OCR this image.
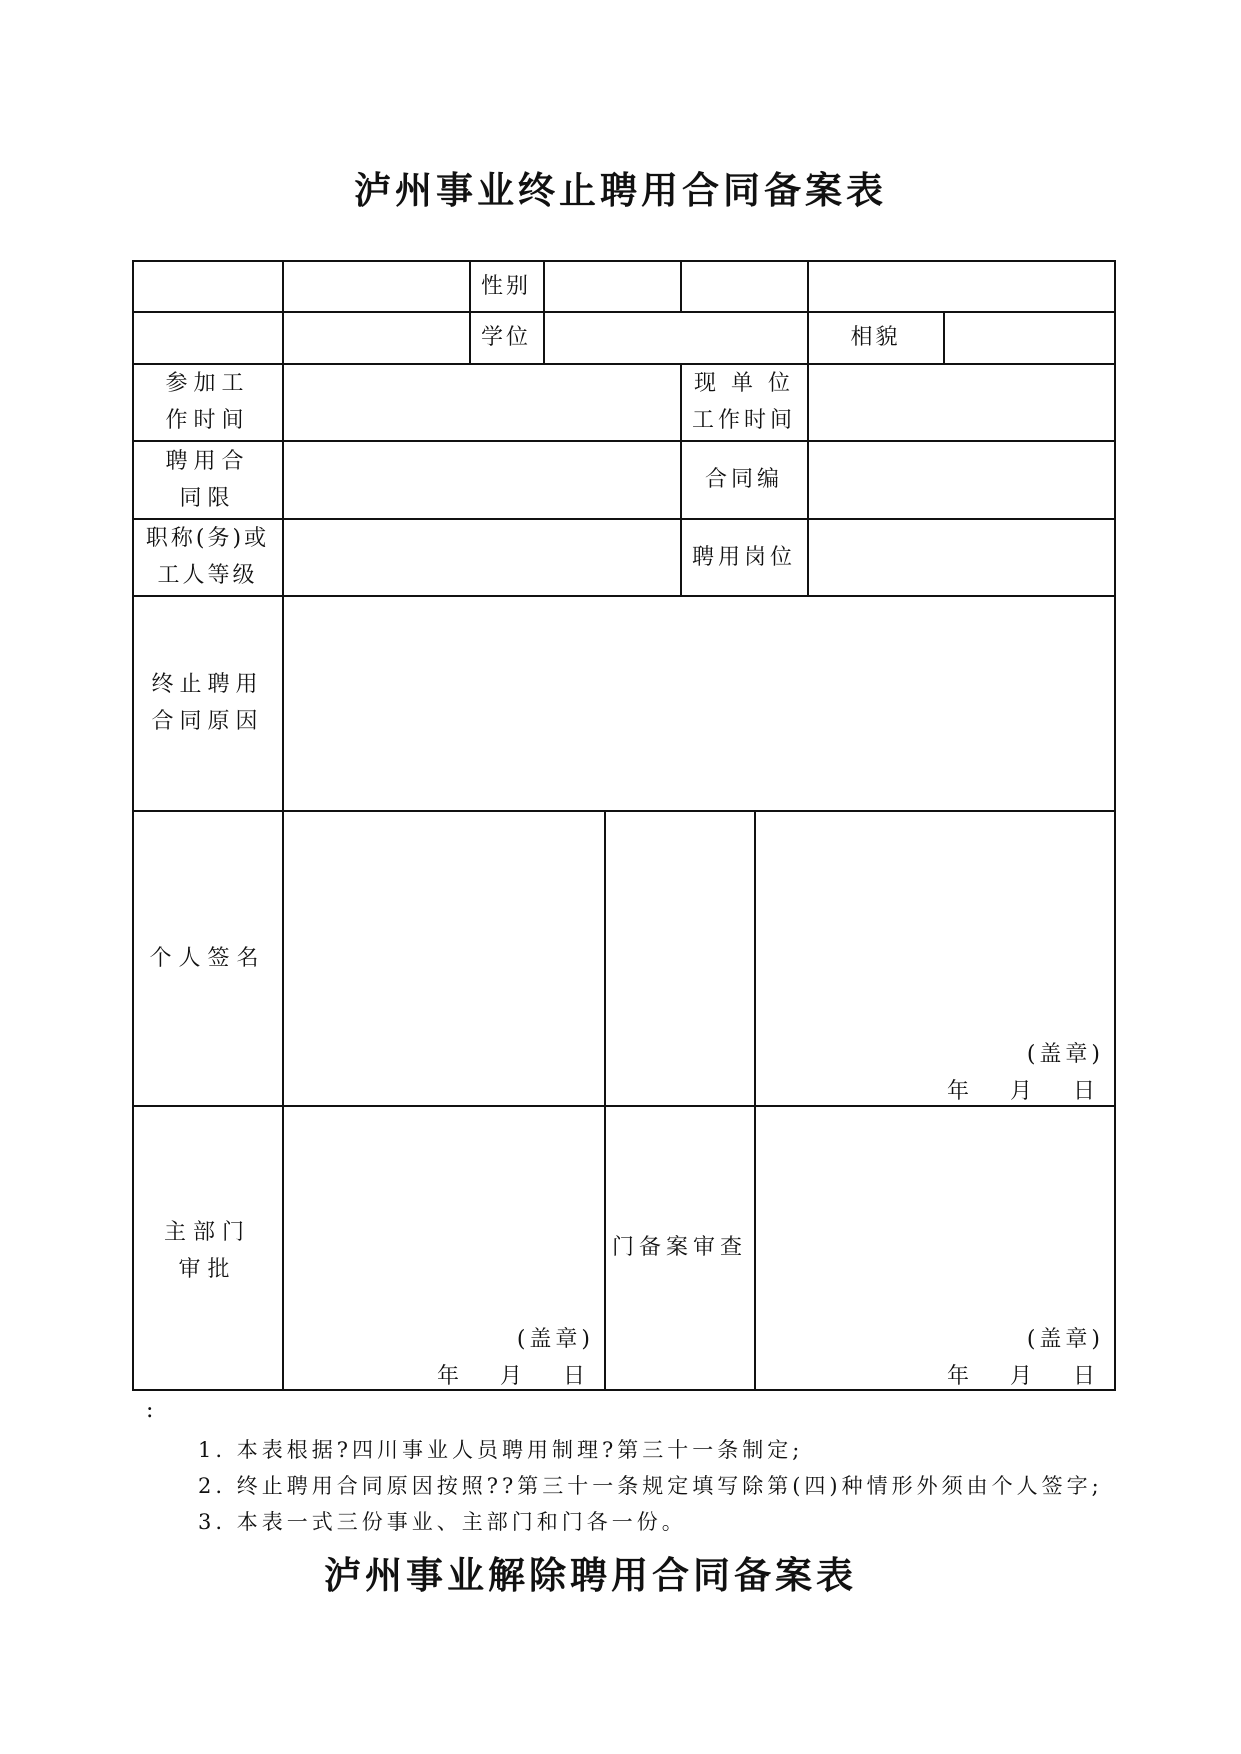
泸州事业终止聘用合同备案表
性别
学位	相貌
参加工
作时间
现 单 位
工作时间
聘用合
同限
合同编
职称(务)或
工人等级
聘用岗位
终止聘用
合同原因
个人签名
主部门
审批
门备案审查
(盖章)
年　 月　 日
(盖章)
年　 月　 日
(盖章)
年　 月　 日
:
1. 本表根据?四川事业人员聘用制理?第三十一条制定;
2. 终止聘用合同原因按照??第三十一条规定填写除第(四)种情形外须由个人签字;
3. 本表一式三份事业、主部门和门各一份。
泸州事业解除聘用合同备案表
